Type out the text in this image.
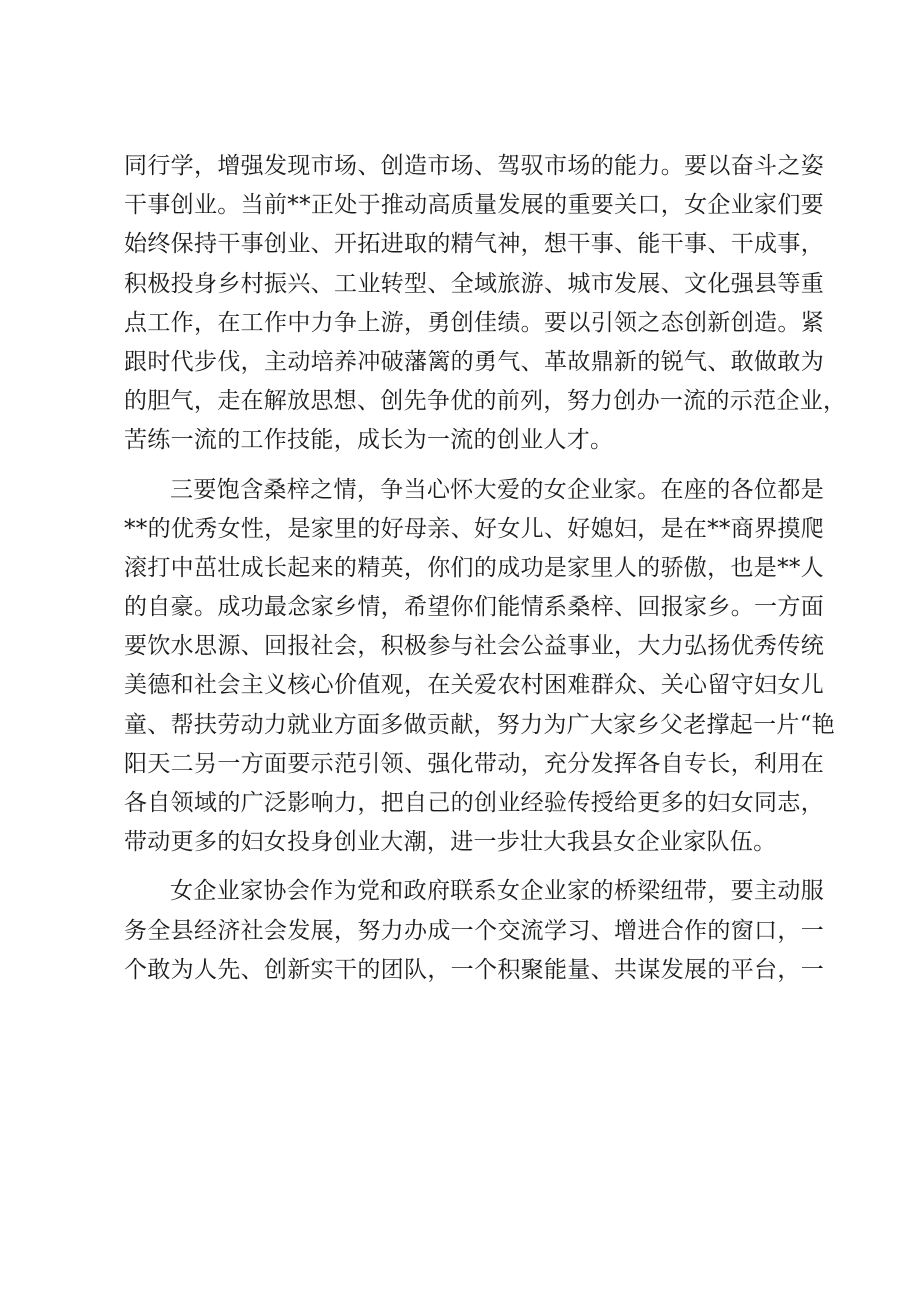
同行学，增强发现市场、创造市场、驾驭市场的能力。要以奋斗之姿
干事创业。当前**正处于推动高质量发展的重要关口，女企业家们要
始终保持干事创业、开拓进取的精气神，想干事、能干事、干成事，
积极投身乡村振兴、工业转型、全域旅游、城市发展、文化强县等重
点工作，在工作中力争上游，勇创佳绩。要以引领之态创新创造。紧
跟时代步伐，主动培养冲破藩篱的勇气、革故鼎新的锐气、敢做敢为
的胆气，走在解放思想、创先争优的前列，努力创办一流的示范企业，
苦练一流的工作技能，成长为一流的创业人才。
三要饱含桑梓之情，争当心怀大爱的女企业家。在座的各位都是
**的优秀女性，是家里的好母亲、好女儿、好媳妇，是在**商界摸爬
滚打中茁壮成长起来的精英，你们的成功是家里人的骄傲，也是**人
的自豪。成功最念家乡情，希望你们能情系桑梓、回报家乡。一方面
要饮水思源、回报社会，积极参与社会公益事业，大力弘扬优秀传统
美德和社会主义核心价值观，在关爱农村困难群众、关心留守妇女儿
童、帮扶劳动力就业方面多做贡献，努力为广大家乡父老撑起一片“艳
阳天二另一方面要示范引领、强化带动，充分发挥各自专长，利用在
各自领域的广泛影响力，把自己的创业经验传授给更多的妇女同志，
带动更多的妇女投身创业大潮，进一步壮大我县女企业家队伍。
女企业家协会作为党和政府联系女企业家的桥梁纽带，要主动服
务全县经济社会发展，努力办成一个交流学习、增进合作的窗口，一
个敢为人先、创新实干的团队，一个积聚能量、共谋发展的平台，一
